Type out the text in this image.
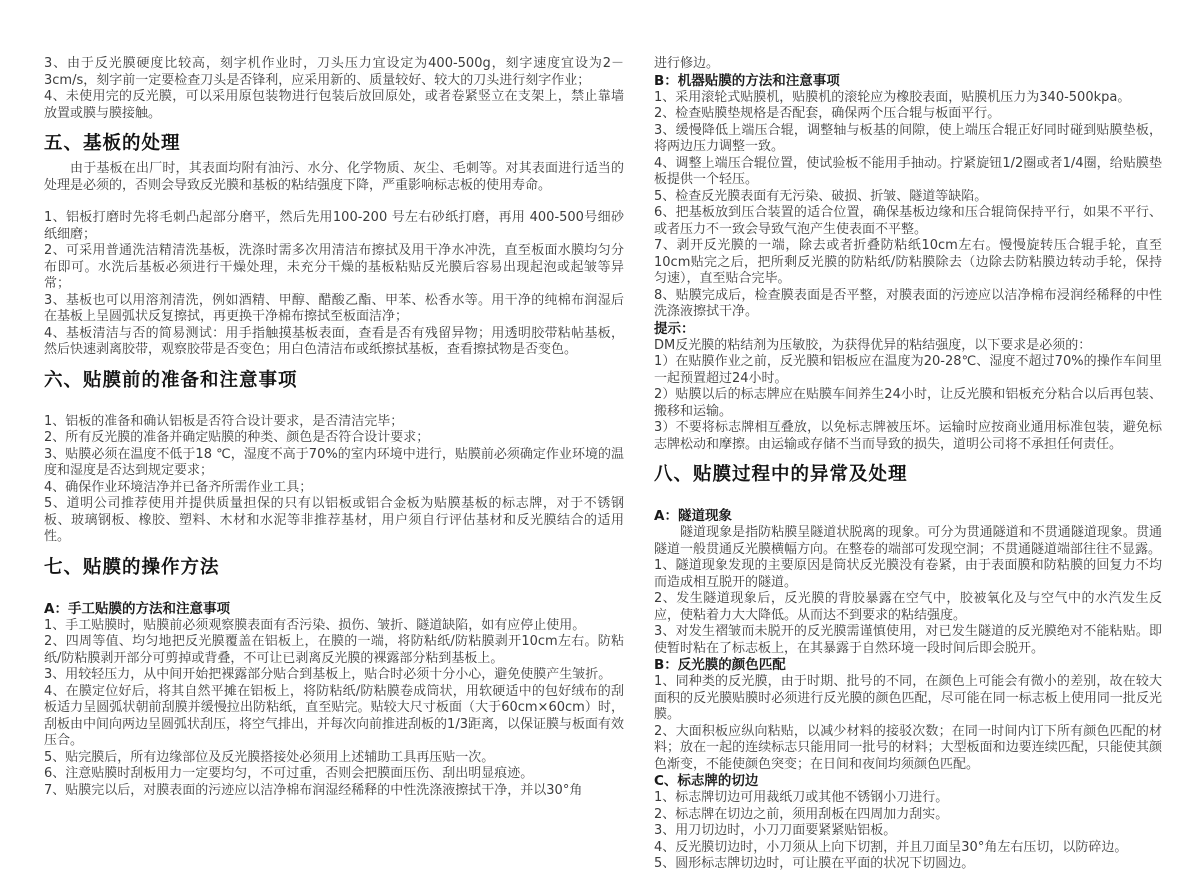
3、由于反光膜硬度比较高，刻字机作业时，刀头压力宜设定为400-500g，刻字速度宜设为2－3cm/s，刻字前一定要检查刀头是否锋利，应采用新的、质量较好、较大的刀头进行刻字作业；
4、未使用完的反光膜，可以采用原包装物进行包装后放回原处，或者卷紧竖立在支架上，禁止靠墙放置或膜与膜接触。
五、基板的处理
由于基板在出厂时，其表面均附有油污、水分、化学物质、灰尘、毛刺等。对其表面进行适当的处理是必须的，否则会导致反光膜和基板的粘结强度下降，严重影响标志板的使用寿命。
1、铝板打磨时先将毛刺凸起部分磨平，然后先用100-200 号左右砂纸打磨，再用 400-500号细砂纸细磨；
2、可采用普通洗洁精清洗基板，洗涤时需多次用清洁布擦拭及用干净水冲洗，直至板面水膜均匀分布即可。水洗后基板必须进行干燥处理，未充分干燥的基板粘贴反光膜后容易出现起泡或起皱等异常；
3、基板也可以用溶剂清洗，例如酒精、甲醇、醋酸乙酯、甲苯、松香水等。用干净的纯棉布润湿后在基板上呈圆弧状反复擦拭，再更换干净棉布擦拭至板面洁净；
4、基板清洁与否的简易测试：用手指触摸基板表面，查看是否有残留异物；用透明胶带粘帖基板，然后快速剥离胶带，观察胶带是否变色；用白色清洁布或纸擦拭基板，查看擦拭物是否变色。
六、贴膜前的准备和注意事项
1、铝板的准备和确认铝板是否符合设计要求，是否清洁完毕；
2、所有反光膜的准备并确定贴膜的种类、颜色是否符合设计要求；
3、贴膜必须在温度不低于18 ℃，湿度不高于70%的室内环境中进行，贴膜前必须确定作业环境的温度和湿度是否达到规定要求；
4、确保作业环境洁净并已备齐所需作业工具；
5、道明公司推荐使用并提供质量担保的只有以铝板或铝合金板为贴膜基板的标志牌，对于不锈钢板、玻璃钢板、橡胶、塑料、木材和水泥等非推荐基材，用户须自行评估基材和反光膜结合的适用性。
七、贴膜的操作方法
A：手工贴膜的方法和注意事项
1、手工贴膜时，贴膜前必须观察膜表面有否污染、损伤、皱折、隧道缺陷，如有应停止使用。
2、四周等值、均匀地把反光膜覆盖在铝板上，在膜的一端，将防粘纸/防粘膜剥开10cm左右。防粘纸/防粘膜剥开部分可剪掉或背叠，不可让已剥离反光膜的裸露部分粘到基板上。
3、用较轻压力，从中间开始把裸露部分贴合到基板上，贴合时必须十分小心，避免使膜产生皱折。
4、在膜定位好后，将其自然平摊在铝板上，将防粘纸/防粘膜卷成筒状，用软硬适中的包好绒布的刮板适力呈圆弧状朝前刮膜并缓慢拉出防粘纸，直至贴完。贴较大尺寸板面（大于60cm×60cm）时，刮板由中间向两边呈圆弧状刮压，将空气排出，并每次向前推进刮板的1/3距离，以保证膜与板面有效压合。
5、贴完膜后，所有边缘部位及反光膜搭接处必须用上述辅助工具再压贴一次。
6、注意贴膜时刮板用力一定要均匀，不可过重，否则会把膜面压伤、刮出明显痕迹。
7、贴膜完以后，对膜表面的污迹应以洁净棉布润湿经稀释的中性洗涤液擦拭干净，并以30°角
进行修边。
B：机器贴膜的方法和注意事项
1、采用滚轮式贴膜机，贴膜机的滚轮应为橡胶表面，贴膜机压力为340-500kpa。
2、检查贴膜垫规格是否配套，确保两个压合辊与板面平行。
3、缓慢降低上端压合辊，调整轴与板基的间隙，使上端压合辊正好同时碰到贴膜垫板，将两边压力调整一致。
4、调整上端压合辊位置，使试验板不能用手抽动。拧紧旋钮1/2圈或者1/4圈，给贴膜垫板提供一个轻压。
5、检查反光膜表面有无污染、破损、折皱、隧道等缺陷。
6、把基板放到压合装置的适合位置，确保基板边缘和压合辊筒保持平行，如果不平行、或者压力不一致会导致气泡产生使表面不平整。
7、剥开反光膜的一端，除去或者折叠防粘纸10cm左右。慢慢旋转压合辊手轮，直至10cm贴完之后，把所剩反光膜的防粘纸/防粘膜除去（边除去防粘膜边转动手轮，保持匀速），直至贴合完毕。
8、贴膜完成后，检查膜表面是否平整，对膜表面的污迹应以洁净棉布浸润经稀释的中性洗涤液擦拭干净。
提示：
DM反光膜的粘结剂为压敏胶，为获得优异的粘结强度，以下要求是必须的：
1）在贴膜作业之前，反光膜和铝板应在温度为20-28℃、湿度不超过70%的操作车间里一起预置超过24小时。
2）贴膜以后的标志牌应在贴膜车间养生24小时，让反光膜和铝板充分粘合以后再包装、搬移和运输。
3）不要将标志牌相互叠放，以免标志牌被压坏。运输时应按商业通用标准包装，避免标志牌松动和摩擦。由运输或存储不当而导致的损失，道明公司将不承担任何责任。
八、贴膜过程中的异常及处理
A：隧道现象
隧道现象是指防粘膜呈隧道状脱离的现象。可分为贯通隧道和不贯通隧道现象。贯通隧道一般贯通反光膜横幅方向。在整卷的端部可发现空洞；不贯通隧道端部往往不显露。
1、隧道现象发现的主要原因是筒状反光膜没有卷紧，由于表面膜和防粘膜的回复力不均而造成相互脱开的隧道。
2、发生隧道现象后，反光膜的背胶暴露在空气中，胶被氧化及与空气中的水汽发生反应，使粘着力大大降低。从而达不到要求的粘结强度。
3、对发生褶皱而未脱开的反光膜需谨慎使用，对已发生隧道的反光膜绝对不能粘贴。即使暂时粘在了标志板上，在其暴露于自然环境一段时间后即会脱开。
B：反光膜的颜色匹配
1、同种类的反光膜，由于时期、批号的不同，在颜色上可能会有微小的差别，故在较大面积的反光膜贴膜时必须进行反光膜的颜色匹配，尽可能在同一标志板上使用同一批反光膜。
2、大面积板应纵向粘贴，以减少材料的接驳次数；在同一时间内订下所有颜色匹配的材料；放在一起的连续标志只能用同一批号的材料；大型板面和边要连续匹配，只能使其颜色渐变，不能使颜色突变；在日间和夜间均须颜色匹配。
C、标志牌的切边
1、标志牌切边可用裁纸刀或其他不锈钢小刀进行。
2、标志牌在切边之前，须用刮板在四周加力刮实。
3、用刀切边时，小刀刀面要紧紧贴铝板。
4、反光膜切边时，小刀须从上向下切割，并且刀面呈30°角左右压切，以防碎边。
5、圆形标志牌切边时，可让膜在平面的状况下切圆边。
